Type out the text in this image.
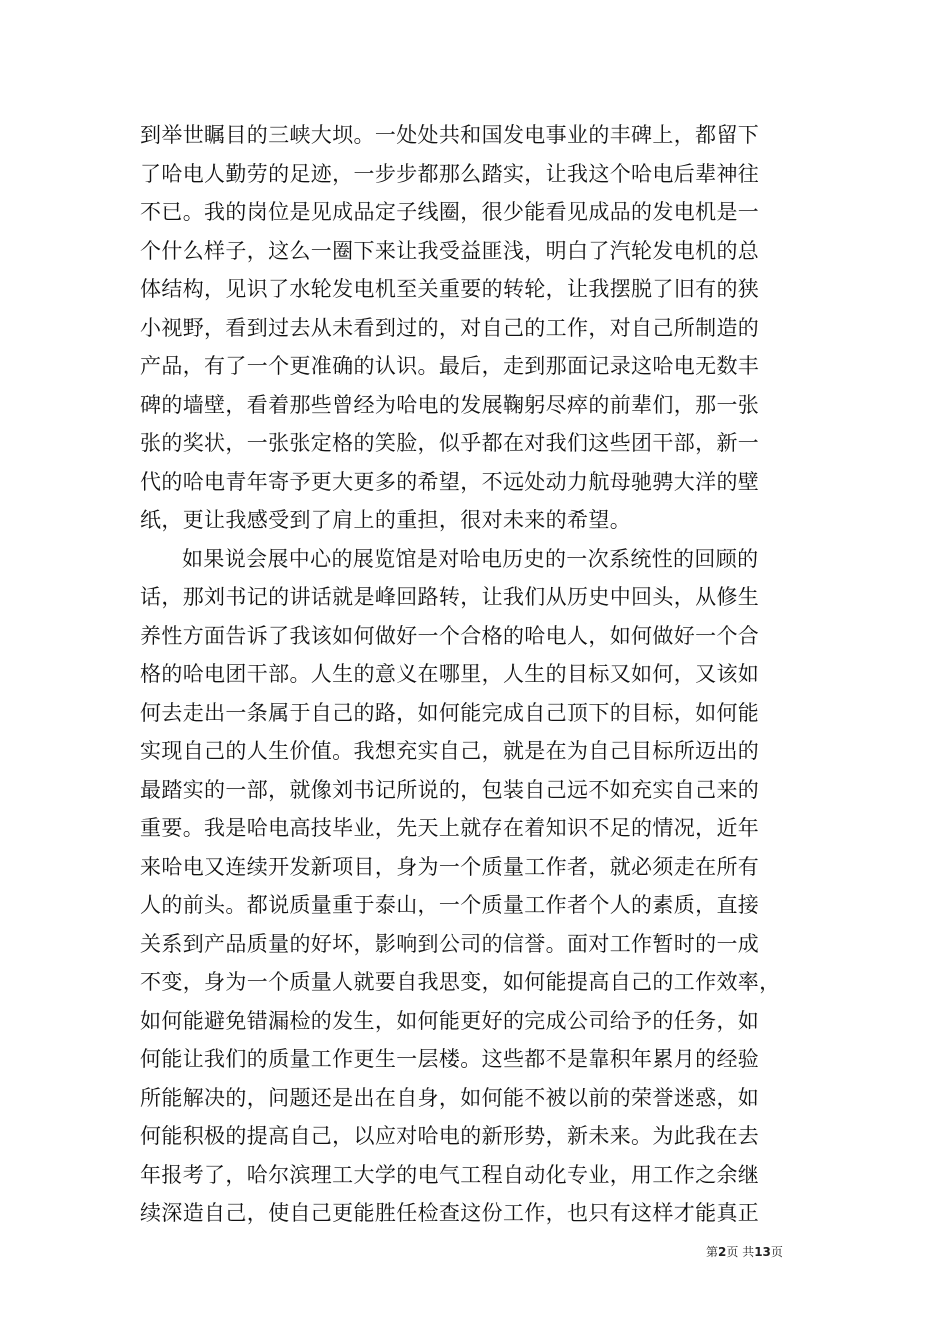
到举世瞩目的三峡大坝。一处处共和国发电事业的丰碑上，都留下
了哈电人勤劳的足迹，一步步都那么踏实，让我这个哈电后辈神往
不已。我的岗位是见成品定子线圈，很少能看见成品的发电机是一
个什么样子，这么一圈下来让我受益匪浅，明白了汽轮发电机的总
体结构，见识了水轮发电机至关重要的转轮，让我摆脱了旧有的狭
小视野，看到过去从未看到过的，对自己的工作，对自己所制造的
产品，有了一个更准确的认识。最后，走到那面记录这哈电无数丰
碑的墙壁，看着那些曾经为哈电的发展鞠躬尽瘁的前辈们，那一张
张的奖状，一张张定格的笑脸，似乎都在对我们这些团干部，新一
代的哈电青年寄予更大更多的希望，不远处动力航母驰骋大洋的壁
纸，更让我感受到了肩上的重担，很对未来的希望。
如果说会展中心的展览馆是对哈电历史的一次系统性的回顾的
话，那刘书记的讲话就是峰回路转，让我们从历史中回头，从修生
养性方面告诉了我该如何做好一个合格的哈电人，如何做好一个合
格的哈电团干部。人生的意义在哪里，人生的目标又如何，又该如
何去走出一条属于自己的路，如何能完成自己顶下的目标，如何能
实现自己的人生价值。我想充实自己，就是在为自己目标所迈出的
最踏实的一部，就像刘书记所说的，包装自己远不如充实自己来的
重要。我是哈电高技毕业，先天上就存在着知识不足的情况，近年
来哈电又连续开发新项目，身为一个质量工作者，就必须走在所有
人的前头。都说质量重于泰山，一个质量工作者个人的素质，直接
关系到产品质量的好坏，影响到公司的信誉。面对工作暂时的一成
不变，身为一个质量人就要自我思变，如何能提高自己的工作效率，
如何能避免错漏检的发生，如何能更好的完成公司给予的任务，如
何能让我们的质量工作更生一层楼。这些都不是靠积年累月的经验
所能解决的，问题还是出在自身，如何能不被以前的荣誉迷惑，如
何能积极的提高自己，以应对哈电的新形势，新未来。为此我在去
年报考了，哈尔滨理工大学的电气工程自动化专业，用工作之余继
续深造自己，使自己更能胜任检查这份工作，也只有这样才能真正
第2页 共13页
